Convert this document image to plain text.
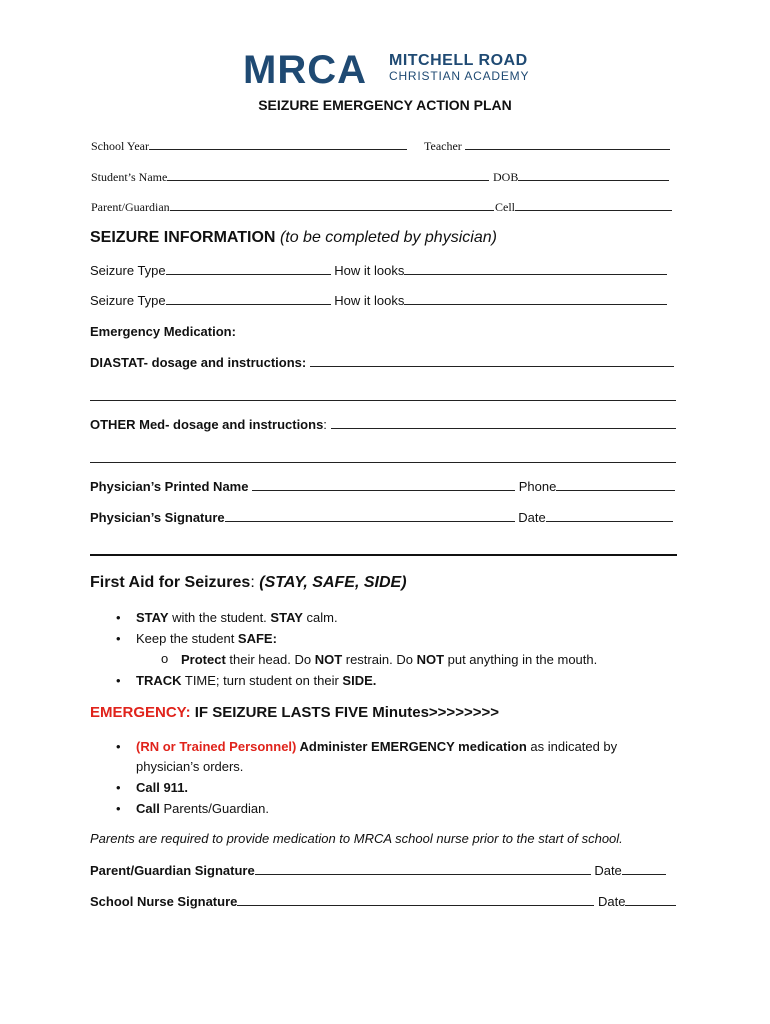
MRCA MITCHELL ROAD
CHRISTIAN ACADEMY
SEIZURE EMERGENCY ACTION PLAN
School Year	Teacher
Student’s Name	DOB
Parent/Guardian	Cell
SEIZURE INFORMATION (to be completed by physician)
Seizure Type	How it looks
Seizure Type	How it looks
Emergency Medication:
DIASTAT- dosage and instructions:
OTHER Med- dosage and instructions:
Physician’s Printed Name	Phone
Physician’s Signature	Date
First Aid for Seizures: (STAY, SAFE, SIDE)
• STAY with the student. STAY calm.
• Keep the student SAFE:
o Protect their head. Do NOT restrain. Do NOT put anything in the mouth.
• TRACK TIME; turn student on their SIDE.
EMERGENCY: IF SEIZURE LASTS FIVE Minutes>>>>>>>>
• (RN or Trained Personnel) Administer EMERGENCY medication as indicated by
physician’s orders.
• Call 911.
• Call Parents/Guardian.
Parents are required to provide medication to MRCA school nurse prior to the start of school.
Parent/Guardian Signature	Date
School Nurse Signature	Date
